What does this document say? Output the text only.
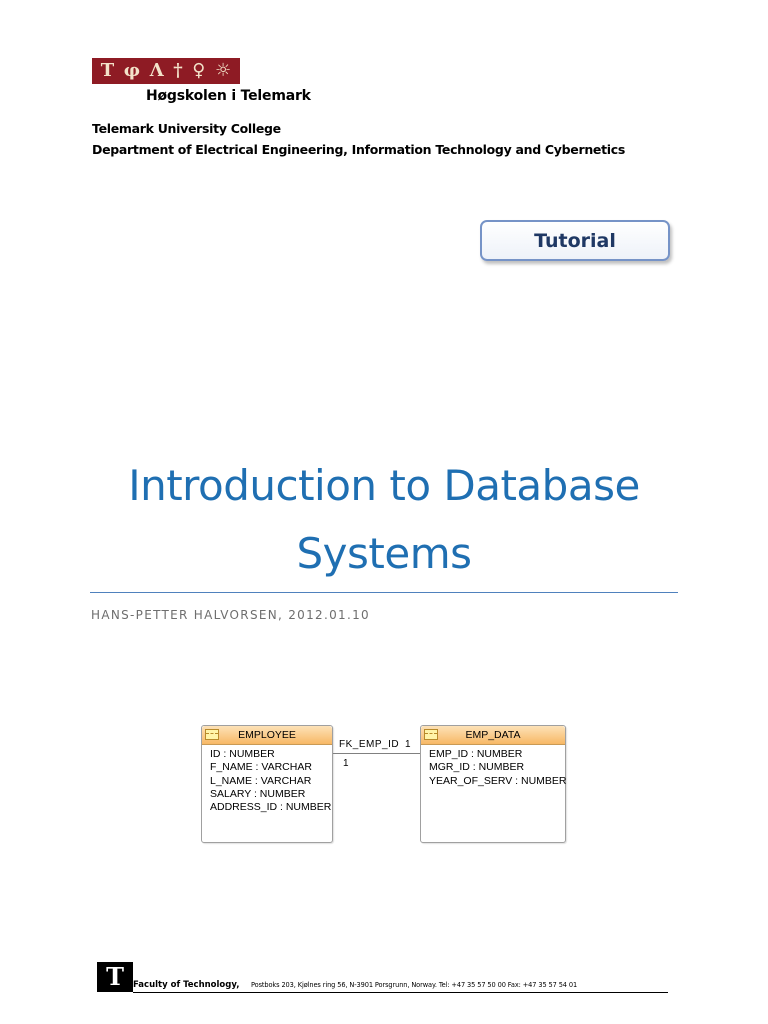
T φ Λ † ♀ ☼
Høgskolen i Telemark
Telemark University College
Department of Electrical Engineering, Information Technology and Cybernetics
Tutorial
Introduction to Database
Systems
HANS-PETTER HALVORSEN, 2012.01.10
EMPLOYEE
ID : NUMBER
F_NAME : VARCHAR
L_NAME : VARCHAR
SALARY : NUMBER
ADDRESS_ID : NUMBER
EMP_DATA
EMP_ID : NUMBER
MGR_ID : NUMBER
YEAR_OF_SERV : NUMBER
FK_EMP_ID 1
1
T	Faculty of Technology, Postboks 203, Kjølnes ring 56, N-3901 Porsgrunn, Norway. Tel: +47 35 57 50 00 Fax: +47 35 57 54 01
